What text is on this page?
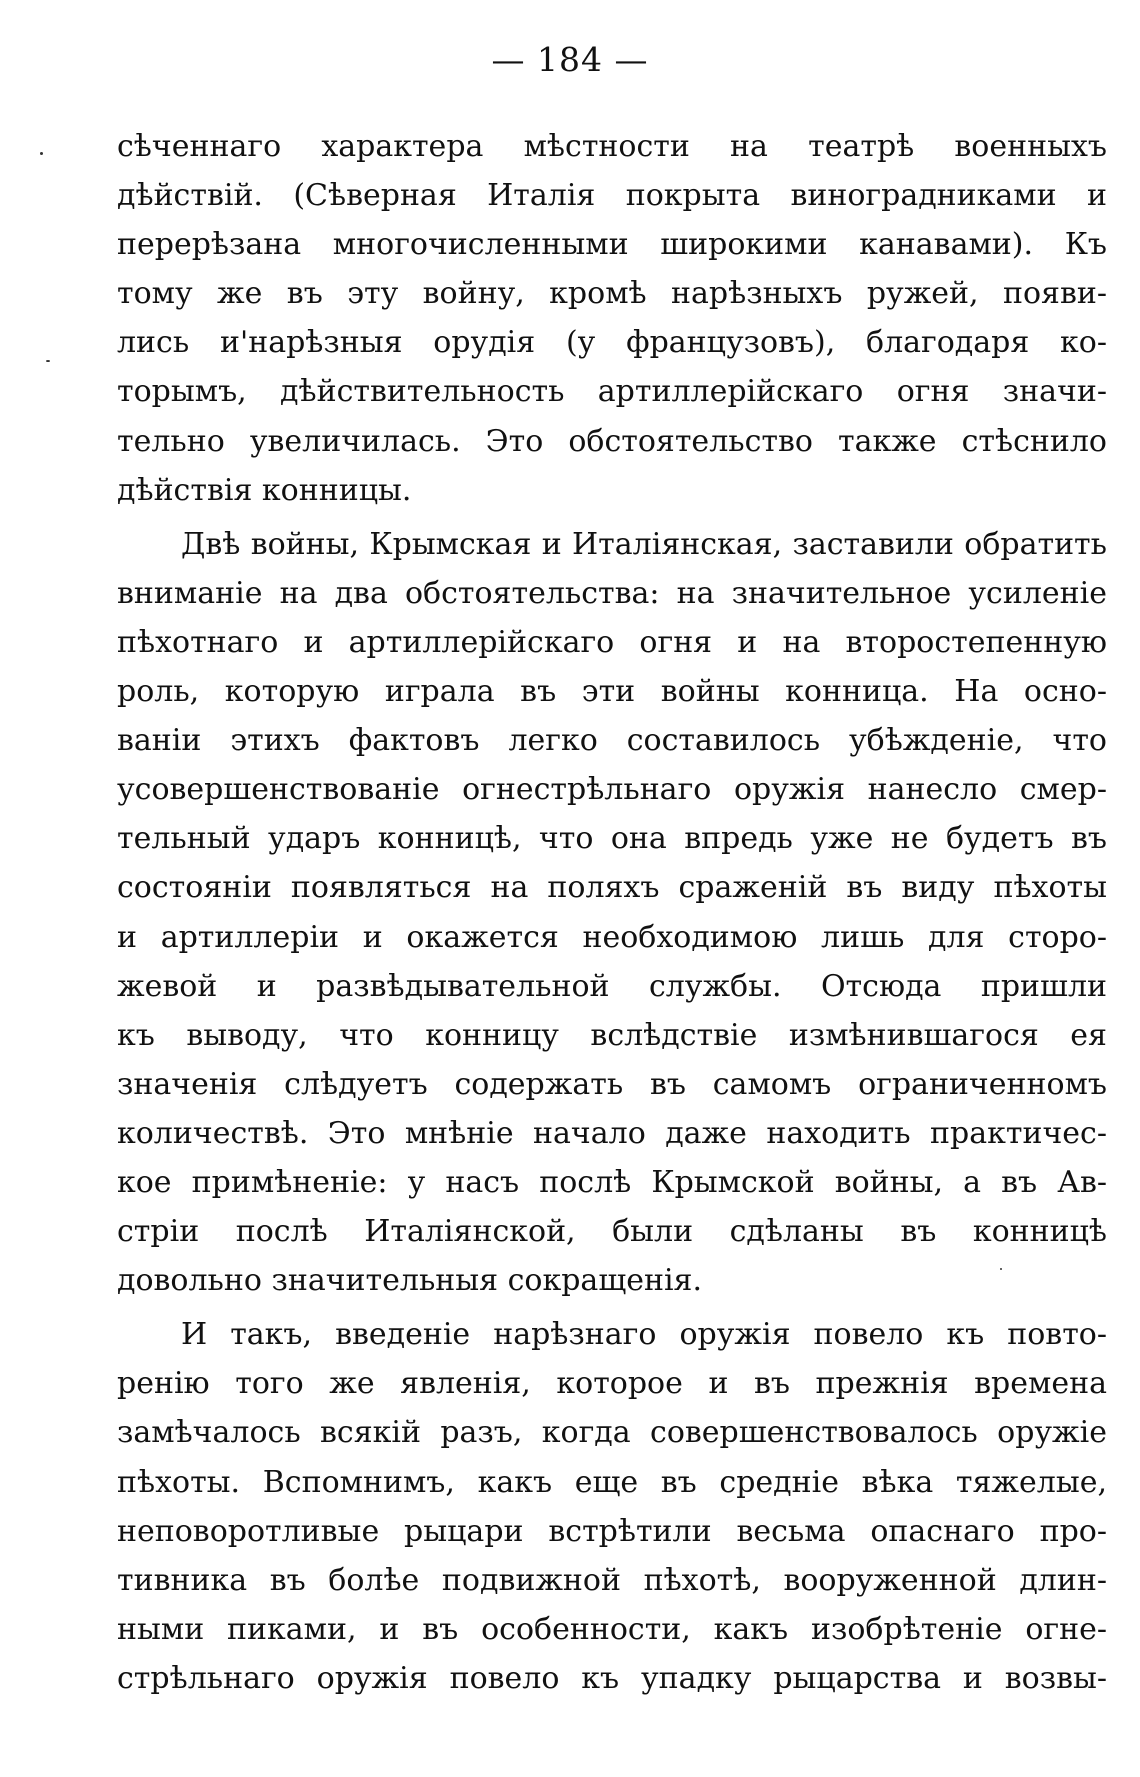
— 184 —
сѣченнаго характера мѣстности на театрѣ военныхъ
дѣйствій. (Сѣверная Италія покрыта виноградниками и
перерѣзана многочисленными широкими канавами). Къ
тому же въ эту войну, кромѣ нарѣзныхъ ружей, появи-
лись и'нарѣзныя орудія (у французовъ), благодаря ко-
торымъ, дѣйствительность артиллерійскаго огня значи-
тельно увеличилась. Это обстоятельство также стѣснило
дѣйствія конницы.
Двѣ войны, Крымская и Италіянская, заставили обратить
вниманіе на два обстоятельства: на значительное усиленіе
пѣхотнаго и артиллерійскаго огня и на второстепенную
роль, которую играла въ эти войны конница. На осно-
ваніи этихъ фактовъ легко составилось убѣжденіе, что
усовершенствованіе огнестрѣльнаго оружія нанесло смер-
тельный ударъ конницѣ, что она впредь уже не будетъ въ
состояніи появляться на поляхъ сраженій въ виду пѣхоты
и артиллеріи и окажется необходимою лишь для сторо-
жевой и развѣдывательной службы. Отсюда пришли
къ выводу, что конницу вслѣдствіе измѣнившагося ея
значенія слѣдуетъ содержать въ самомъ ограниченномъ
количествѣ. Это мнѣніе начало даже находить практичес-
кое примѣненіе: у насъ послѣ Крымской войны, а въ Ав-
стріи послѣ Италіянской, были сдѣланы въ конницѣ
довольно значительныя сокращенія.
И такъ, введеніе нарѣзнаго оружія повело къ повто-
ренію того же явленія, которое и въ прежнія времена
замѣчалось всякій разъ, когда совершенствовалось оружіе
пѣхоты. Вспомнимъ, какъ еще въ средніе вѣка тяжелые,
неповоротливые рыцари встрѣтили весьма опаснаго про-
тивника въ болѣе подвижной пѣхотѣ, вооруженной длин-
ными пиками, и въ особенности, какъ изобрѣтеніе огне-
стрѣльнаго оружія повело къ упадку рыцарства и возвы-
